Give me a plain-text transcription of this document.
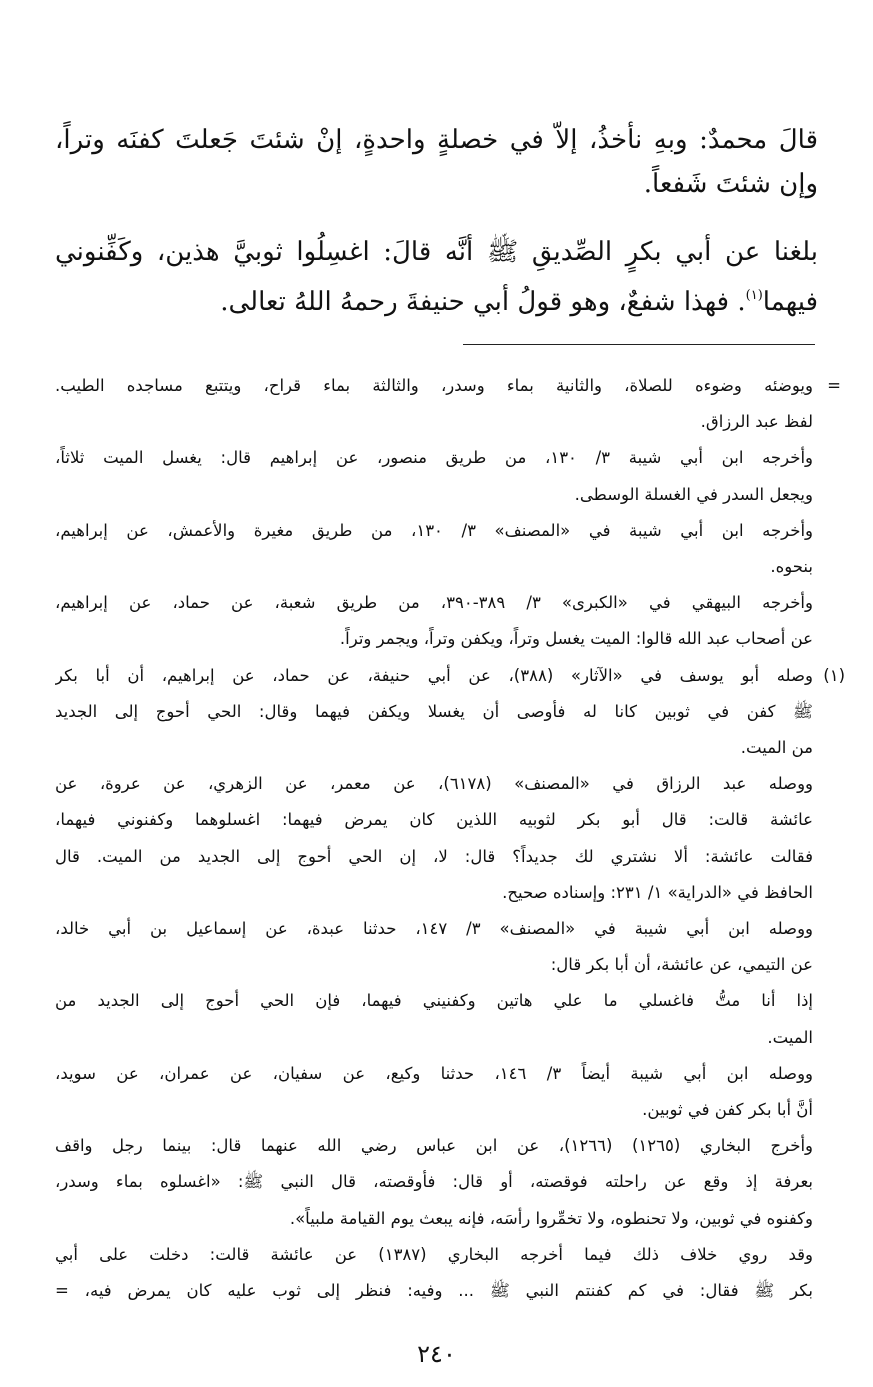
قالَ محمدٌ: وبهِ نأخذُ، إلاّ في خصلةٍ واحدةٍ، إنْ شئتَ جَعلتَ كفنَه وتراً، وإن شئتَ شَفعاً.

بلغنا عن أبي بكرٍ الصِّديقِ ﷺ أنَّه قالَ: اغسِلُوا ثوبيَّ هذين، وكَفِّنوني فيهما$^{(١)}$. فهذا شفعٌ، وهو قولُ أبي حنيفةَ رحمهُ اللهُ تعالى.

=
(١)
ويوضئه وضوءه للصلاة، والثانية بماء وسدر، والثالثة بماء قراح، ويتتبع مساجده الطيب.
لفظ عبد الرزاق.
وأخرجه ابن أبي شيبة ٣/ ١٣٠، من طريق منصور، عن إبراهيم قال: يغسل الميت ثلاثاً،
ويجعل السدر في الغسلة الوسطى.
وأخرجه ابن أبي شيبة في «المصنف» ٣/ ١٣٠، من طريق مغيرة والأعمش، عن إبراهيم،
بنحوه.
وأخرجه البيهقي في «الكبرى» ٣/ ٣٨٩-٣٩٠، من طريق شعبة، عن حماد، عن إبراهيم،
عن أصحاب عبد الله قالوا: الميت يغسل وتراً، ويكفن وتراً، ويجمر وتراً.
وصله أبو يوسف في «الآثار» (٣٨٨)، عن أبي حنيفة، عن حماد، عن إبراهيم، أن أبا بكر
ﷺ كفن في ثوبين كانا له فأوصى أن يغسلا ويكفن فيهما وقال: الحي أحوج إلى الجديد
من الميت.
ووصله عبد الرزاق في «المصنف» (٦١٧٨)، عن معمر، عن الزهري، عن عروة، عن
عائشة قالت: قال أبو بكر لثوبيه اللذين كان يمرض فيهما: اغسلوهما وكفنوني فيهما،
فقالت عائشة: ألا نشتري لك جديداً؟ قال: لا، إن الحي أحوج إلى الجديد من الميت. قال
الحافظ في «الدراية» ١/ ٢٣١: وإسناده صحيح.
ووصله ابن أبي شيبة في «المصنف» ٣/ ١٤٧، حدثنا عبدة، عن إسماعيل بن أبي خالد،
عن التيمي، عن عائشة، أن أبا بكر قال:
إذا أنا متُّ فاغسلي ما علي هاتين وكفنيني فيهما، فإن الحي أحوج إلى الجديد من
الميت.
ووصله ابن أبي شيبة أيضاً ٣/ ١٤٦، حدثنا وكيع، عن سفيان، عن عمران، عن سويد،
أنَّ أبا بكر كفن في ثوبين.
وأخرج البخاري (١٢٦٥) (١٢٦٦)، عن ابن عباس رضي الله عنهما قال: بينما رجل واقف
بعرفة إذ وقع عن راحلته فوقصته، أو قال: فأوقصته، قال النبي ﷺ: «اغسلوه بماء وسدر،
وكفنوه في ثوبين، ولا تحنطوه، ولا تخمِّروا رأسَه، فإنه يبعث يوم القيامة ملبياً».
وقد روي خلاف ذلك فيما أخرجه البخاري (١٣٨٧) عن عائشة قالت: دخلت على أبي
بكر ﷺ فقال: في كم كفنتم النبي ﷺ ... وفيه: فنظر إلى ثوب عليه كان يمرض فيه، =
٢٤٠
